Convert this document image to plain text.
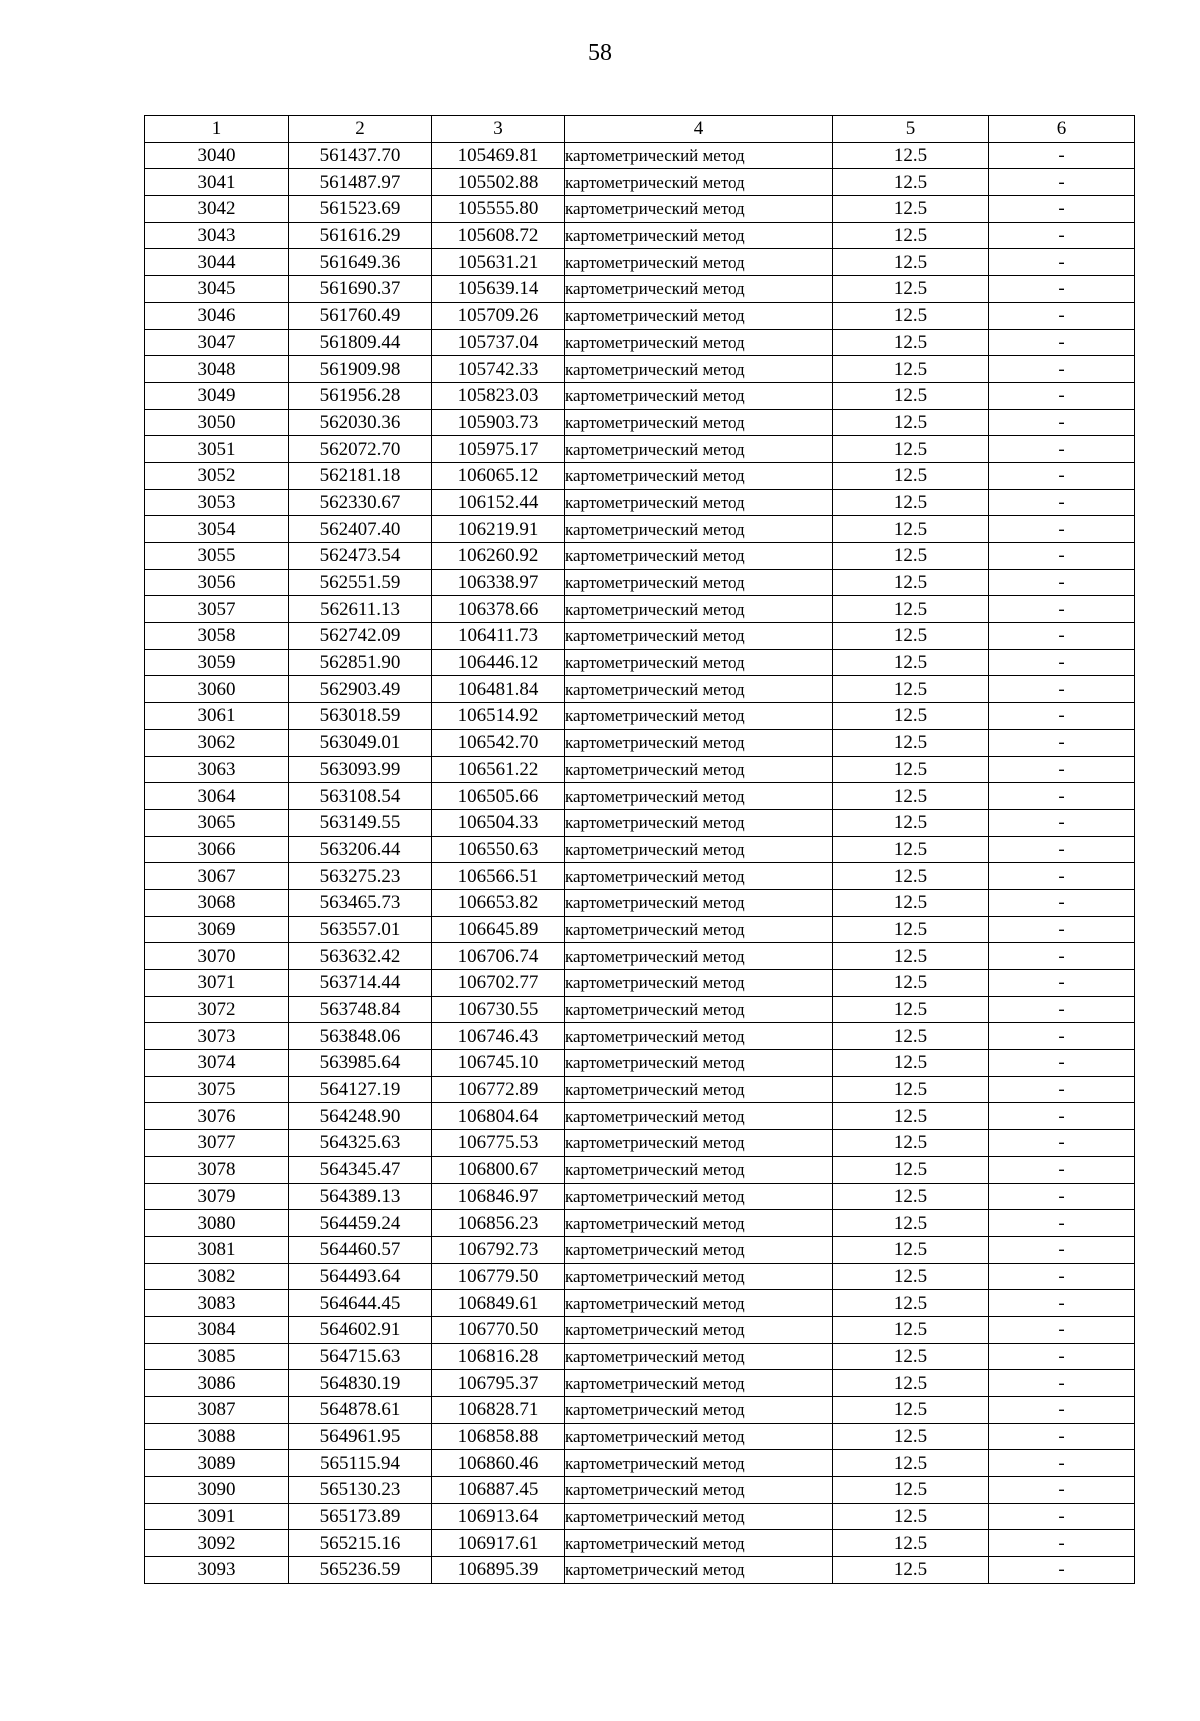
58
1	2	3	4	5	6
3040	561437.70	105469.81	картометрический метод	12.5	-
3041	561487.97	105502.88	картометрический метод	12.5	-
3042	561523.69	105555.80	картометрический метод	12.5	-
3043	561616.29	105608.72	картометрический метод	12.5	-
3044	561649.36	105631.21	картометрический метод	12.5	-
3045	561690.37	105639.14	картометрический метод	12.5	-
3046	561760.49	105709.26	картометрический метод	12.5	-
3047	561809.44	105737.04	картометрический метод	12.5	-
3048	561909.98	105742.33	картометрический метод	12.5	-
3049	561956.28	105823.03	картометрический метод	12.5	-
3050	562030.36	105903.73	картометрический метод	12.5	-
3051	562072.70	105975.17	картометрический метод	12.5	-
3052	562181.18	106065.12	картометрический метод	12.5	-
3053	562330.67	106152.44	картометрический метод	12.5	-
3054	562407.40	106219.91	картометрический метод	12.5	-
3055	562473.54	106260.92	картометрический метод	12.5	-
3056	562551.59	106338.97	картометрический метод	12.5	-
3057	562611.13	106378.66	картометрический метод	12.5	-
3058	562742.09	106411.73	картометрический метод	12.5	-
3059	562851.90	106446.12	картометрический метод	12.5	-
3060	562903.49	106481.84	картометрический метод	12.5	-
3061	563018.59	106514.92	картометрический метод	12.5	-
3062	563049.01	106542.70	картометрический метод	12.5	-
3063	563093.99	106561.22	картометрический метод	12.5	-
3064	563108.54	106505.66	картометрический метод	12.5	-
3065	563149.55	106504.33	картометрический метод	12.5	-
3066	563206.44	106550.63	картометрический метод	12.5	-
3067	563275.23	106566.51	картометрический метод	12.5	-
3068	563465.73	106653.82	картометрический метод	12.5	-
3069	563557.01	106645.89	картометрический метод	12.5	-
3070	563632.42	106706.74	картометрический метод	12.5	-
3071	563714.44	106702.77	картометрический метод	12.5	-
3072	563748.84	106730.55	картометрический метод	12.5	-
3073	563848.06	106746.43	картометрический метод	12.5	-
3074	563985.64	106745.10	картометрический метод	12.5	-
3075	564127.19	106772.89	картометрический метод	12.5	-
3076	564248.90	106804.64	картометрический метод	12.5	-
3077	564325.63	106775.53	картометрический метод	12.5	-
3078	564345.47	106800.67	картометрический метод	12.5	-
3079	564389.13	106846.97	картометрический метод	12.5	-
3080	564459.24	106856.23	картометрический метод	12.5	-
3081	564460.57	106792.73	картометрический метод	12.5	-
3082	564493.64	106779.50	картометрический метод	12.5	-
3083	564644.45	106849.61	картометрический метод	12.5	-
3084	564602.91	106770.50	картометрический метод	12.5	-
3085	564715.63	106816.28	картометрический метод	12.5	-
3086	564830.19	106795.37	картометрический метод	12.5	-
3087	564878.61	106828.71	картометрический метод	12.5	-
3088	564961.95	106858.88	картометрический метод	12.5	-
3089	565115.94	106860.46	картометрический метод	12.5	-
3090	565130.23	106887.45	картометрический метод	12.5	-
3091	565173.89	106913.64	картометрический метод	12.5	-
3092	565215.16	106917.61	картометрический метод	12.5	-
3093	565236.59	106895.39	картометрический метод	12.5	-
